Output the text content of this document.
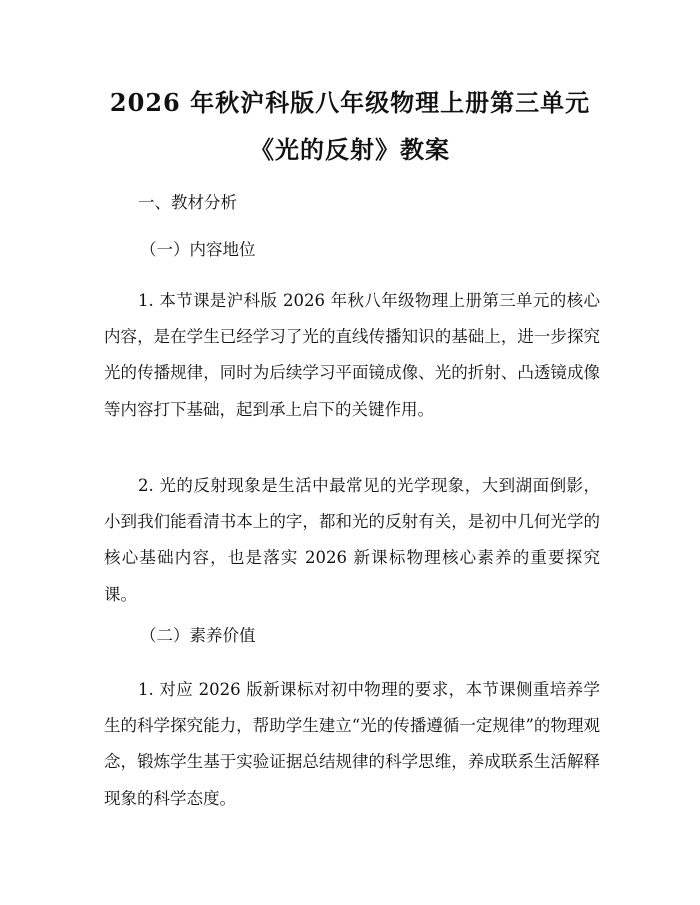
2026 年秋沪科版八年级物理上册第三单元
《光的反射》教案

一、教材分析

（一）内容地位

1. 本节课是沪科版 2026 年秋八年级物理上册第三单元的核心内容，是在学生已经学习了光的直线传播知识的基础上，进一步探究光的传播规律，同时为后续学习平面镜成像、光的折射、凸透镜成像等内容打下基础，起到承上启下的关键作用。

2. 光的反射现象是生活中最常见的光学现象，大到湖面倒影，小到我们能看清书本上的字，都和光的反射有关，是初中几何光学的核心基础内容，也是落实 2026 新课标物理核心素养的重要探究课。

（二）素养价值

1. 对应 2026 版新课标对初中物理的要求，本节课侧重培养学生的科学探究能力，帮助学生建立“光的传播遵循一定规律”的物理观念，锻炼学生基于实验证据总结规律的科学思维，养成联系生活解释现象的科学态度。
